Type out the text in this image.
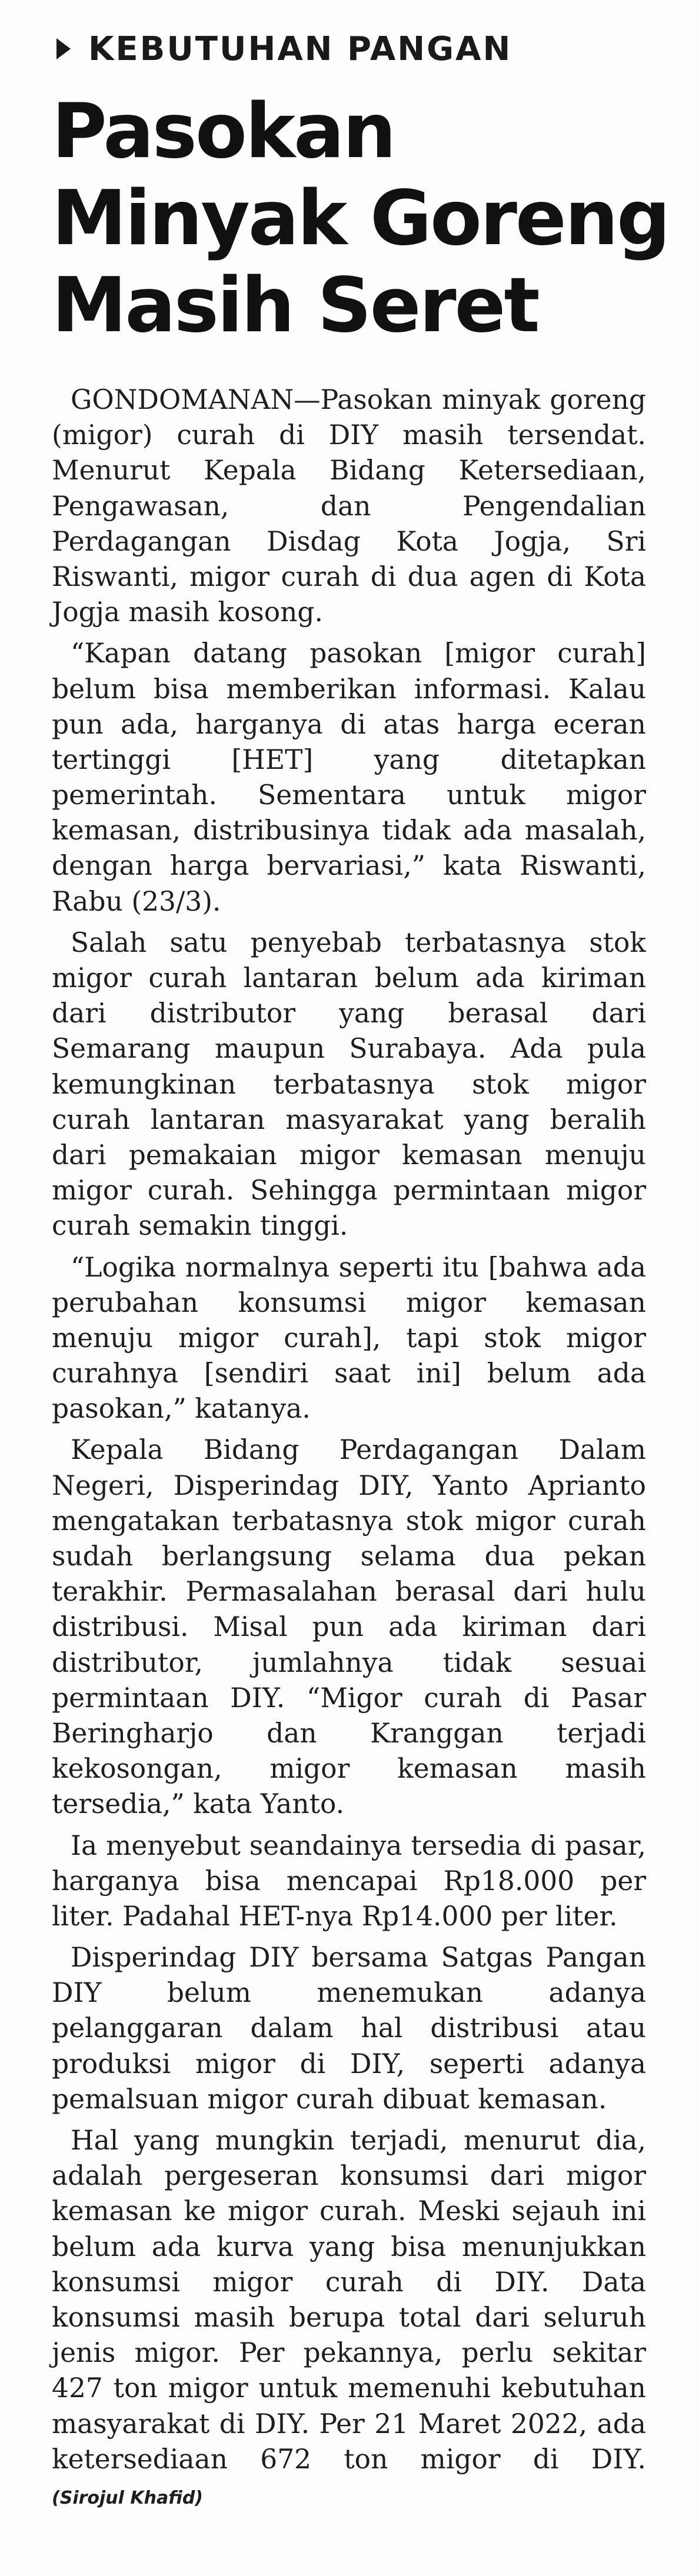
KEBUTUHAN PANGAN
Pasokan
Minyak Goreng
Masih Seret

GONDOMANAN—Pasokan minyak goreng (migor) curah di DIY masih tersendat. Menurut Kepala Bidang Ketersediaan, Pengawasan, dan Pengendalian Perdagangan Disdag Kota Jogja, Sri Riswanti, migor curah di dua agen di Kota Jogja masih kosong.

“Kapan datang pasokan [migor curah] belum bisa memberikan informasi. Kalau pun ada, harganya di atas harga eceran tertinggi [HET] yang ditetapkan pemerintah. Sementara untuk migor kemasan, distribusinya tidak ada masalah, dengan harga bervariasi,” kata Riswanti, Rabu (23/3).

Salah satu penyebab terbatasnya stok migor curah lantaran belum ada kiriman dari distributor yang berasal dari Semarang maupun Surabaya. Ada pula kemungkinan terbatasnya stok migor curah lantaran masyarakat yang beralih dari pemakaian migor kemasan menuju migor curah. Sehingga permintaan migor curah semakin tinggi.

“Logika normalnya seperti itu [bahwa ada perubahan konsumsi migor kemasan menuju migor curah], tapi stok migor curahnya [sendiri saat ini] belum ada pasokan,” katanya.

Kepala Bidang Perdagangan Dalam Negeri, Disperindag DIY, Yanto Aprianto mengatakan terbatasnya stok migor curah sudah berlangsung selama dua pekan terakhir. Permasalahan berasal dari hulu distribusi. Misal pun ada kiriman dari distributor, jumlahnya tidak sesuai permintaan DIY. “Migor curah di Pasar Beringharjo dan Kranggan terjadi kekosongan, migor kemasan masih tersedia,” kata Yanto.

Ia menyebut seandainya tersedia di pasar, harganya bisa mencapai Rp18.000 per liter. Padahal HET-nya Rp14.000 per liter.

Disperindag DIY bersama Satgas Pangan DIY belum menemukan adanya pelanggaran dalam hal distribusi atau produksi migor di DIY, seperti adanya pemalsuan migor curah dibuat kemasan.

Hal yang mungkin terjadi, menurut dia, adalah pergeseran konsumsi dari migor kemasan ke migor curah. Meski sejauh ini belum ada kurva yang bisa menunjukkan konsumsi migor curah di DIY. Data konsumsi masih berupa total dari seluruh jenis migor. Per pekannya, perlu sekitar 427 ton migor untuk memenuhi kebutuhan masyarakat di DIY. Per 21 Maret 2022, ada ketersediaan 672 ton migor di DIY. (Sirojul Khafid)
